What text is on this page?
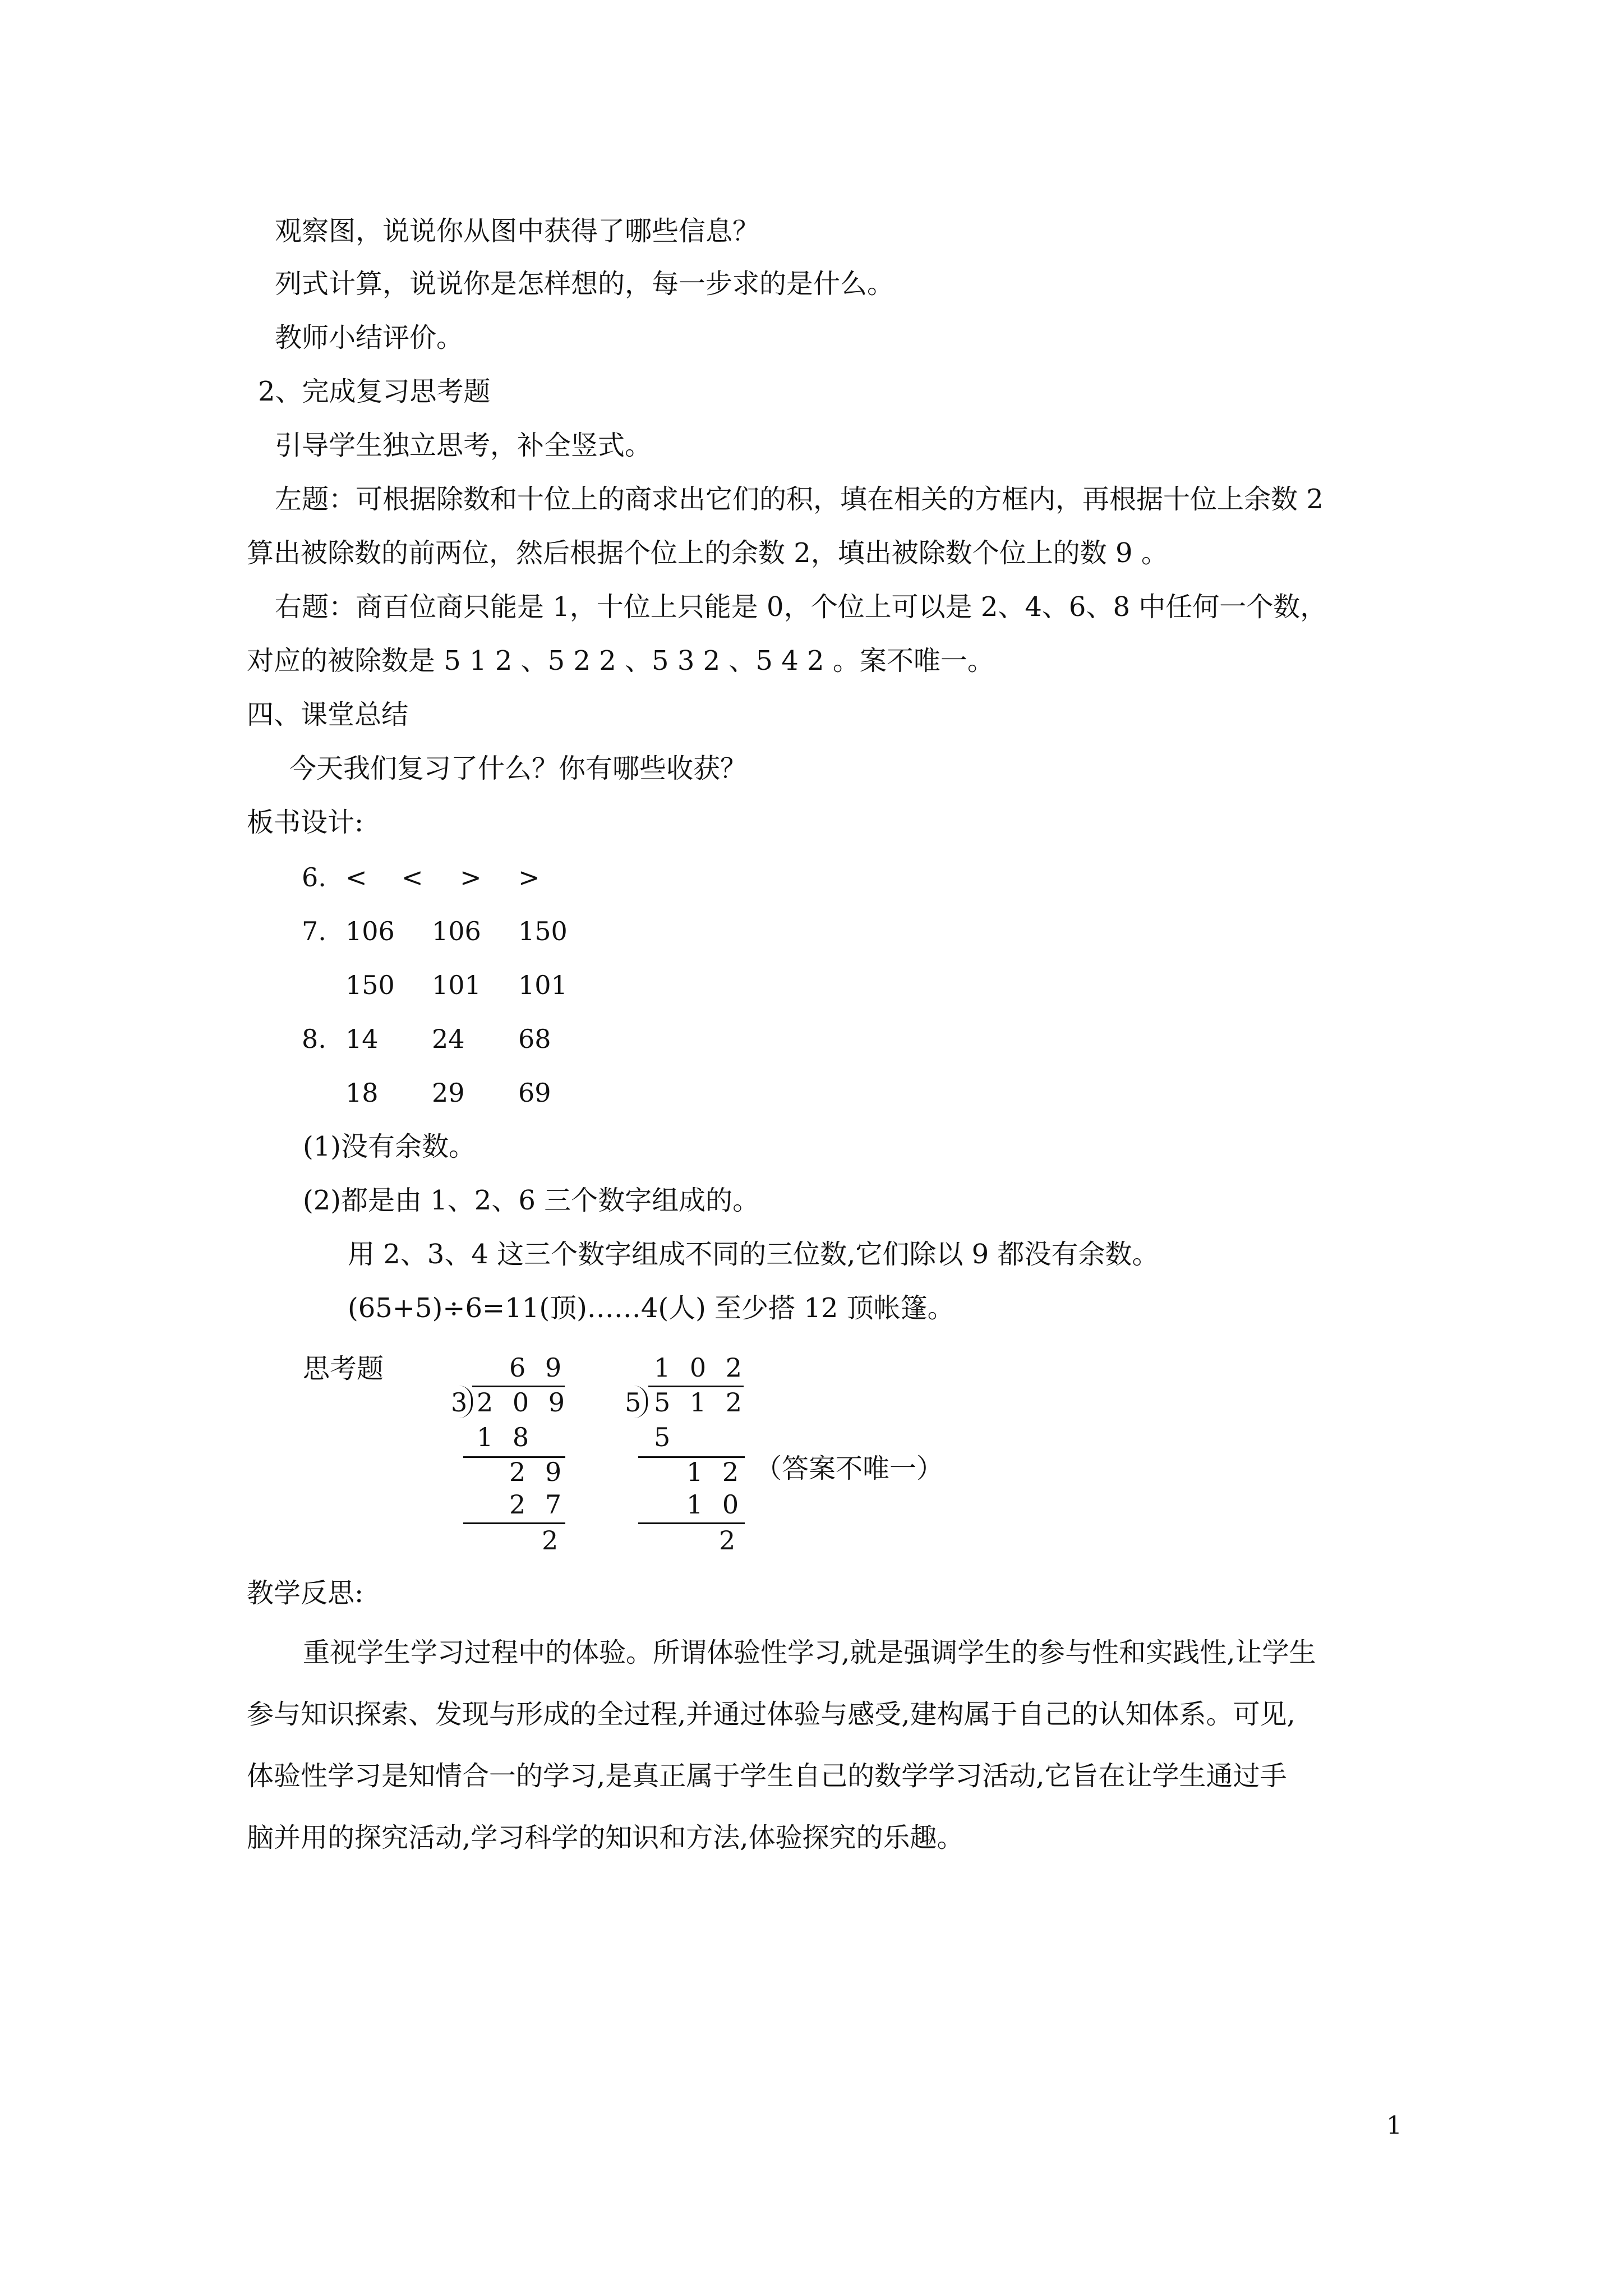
观察图，说说你从图中获得了哪些信息？
列式计算，说说你是怎样想的，每一步求的是什么。
教师小结评价。
2、完成复习思考题
引导学生独立思考，补全竖式。
左题：可根据除数和十位上的商求出它们的积，填在相关的方框内，再根据十位上余数 2
算出被除数的前两位，然后根据个位上的余数 2，填出被除数个位上的数 9 。
右题：商百位商只能是 1，十位上只能是 0，个位上可以是 2、4、6、8 中任何一个数，
对应的被除数是 5 1 2 、5 2 2 、5 3 2 、5 4 2 。案不唯一。
四、课堂总结
今天我们复习了什么？你有哪些收获？
板书设计:
6. < < > >
7. 106 106 150
150 101 101
8. 14 24 68
18 29 69
(1)没有余数。
(2)都是由 1、2、6 三个数字组成的。
用 2、3、4 这三个数字组成不同的三位数,它们除以 9 都没有余数。
(65+5)÷6=11(顶)……4(人) 至少搭 12 顶帐篷。
思考题	6 9
3 2 0 9
1 8
2 9
2 7
2
1 0 2
5 5 1 2
5
1 2
1 0
2
（答案不唯一）
教学反思:
重视学生学习过程中的体验。所谓体验性学习,就是强调学生的参与性和实践性,让学生
参与知识探索、发现与形成的全过程,并通过体验与感受,建构属于自己的认知体系。可见,
体验性学习是知情合一的学习,是真正属于学生自己的数学学习活动,它旨在让学生通过手
脑并用的探究活动,学习科学的知识和方法,体验探究的乐趣。
1
